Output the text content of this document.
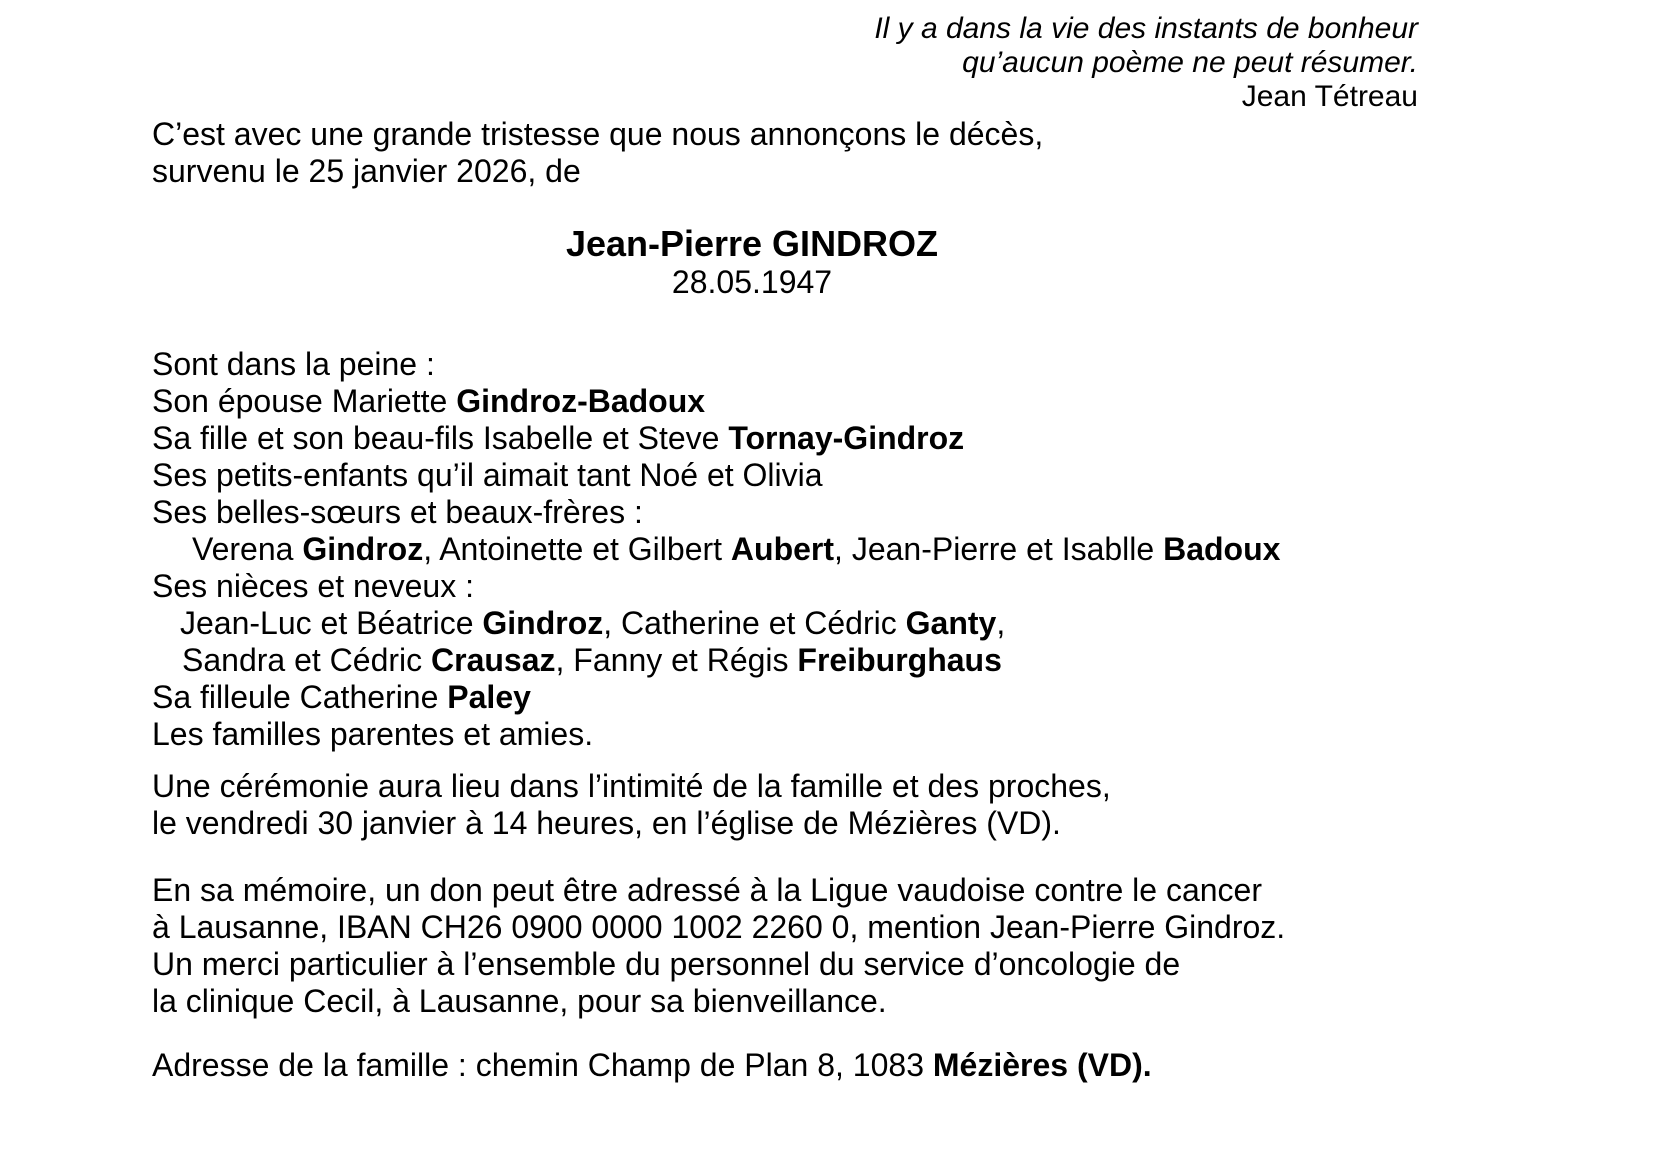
Il y a dans la vie des instants de bonheur
qu’aucun poème ne peut résumer.
Jean Tétreau
C’est avec une grande tristesse que nous annonçons le décès,
survenu le 25 janvier 2026, de
Jean-Pierre GINDROZ
28.05.1947
Sont dans la peine :
Son épouse Mariette Gindroz-Badoux
Sa fille et son beau-fils Isabelle et Steve Tornay-Gindroz
Ses petits-enfants qu’il aimait tant Noé et Olivia
Ses belles-sœurs et beaux-frères :
Verena Gindroz, Antoinette et Gilbert Aubert, Jean-Pierre et Isablle Badoux
Ses nièces et neveux :
Jean-Luc et Béatrice Gindroz, Catherine et Cédric Ganty,
Sandra et Cédric Crausaz, Fanny et Régis Freiburghaus
Sa filleule Catherine Paley
Les familles parentes et amies.
Une cérémonie aura lieu dans l’intimité de la famille et des proches,
le vendredi 30 janvier à 14 heures, en l’église de Mézières (VD).
En sa mémoire, un don peut être adressé à la Ligue vaudoise contre le cancer
à Lausanne, IBAN CH26 0900 0000 1002 2260 0, mention Jean-Pierre Gindroz.
Un merci particulier à l’ensemble du personnel du service d’oncologie de
la clinique Cecil, à Lausanne, pour sa bienveillance.
Adresse de la famille : chemin Champ de Plan 8, 1083 Mézières (VD).
